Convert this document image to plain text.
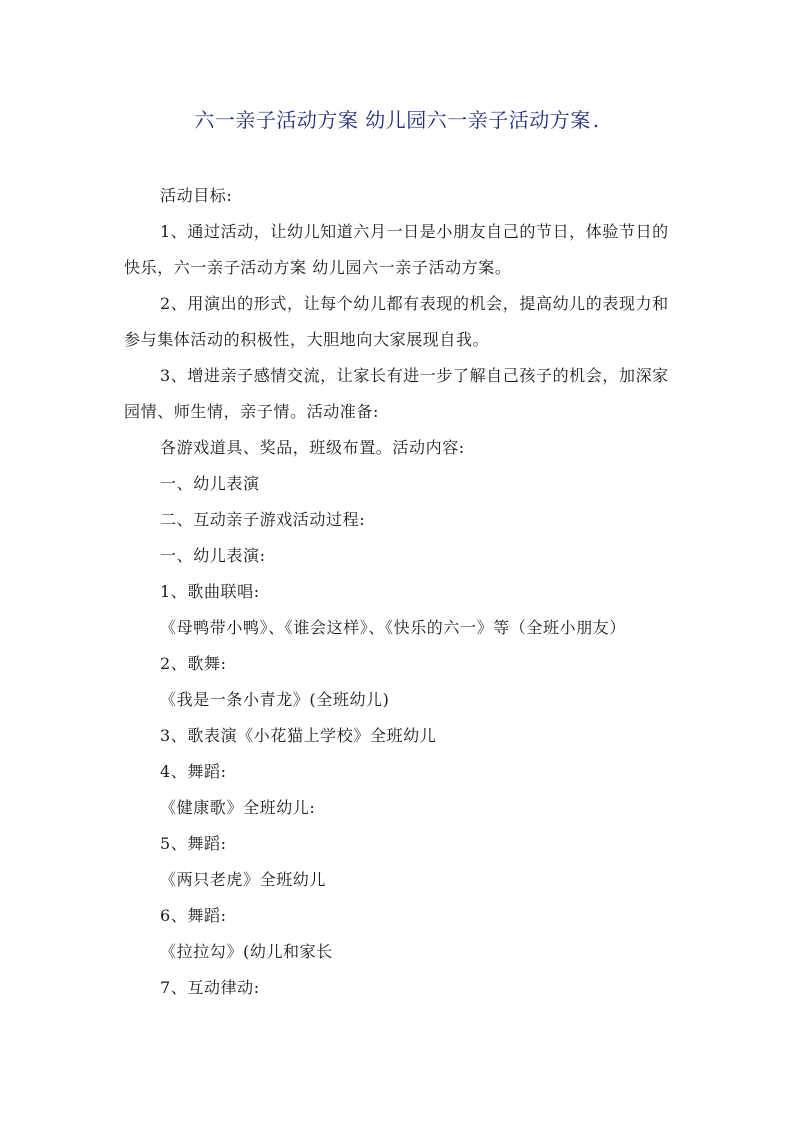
六一亲子活动方案 幼儿园六一亲子活动方案 .

活动目标:

1、通过活动，让幼儿知道六月一日是小朋友自己的节日，体验节日的快乐，六一亲子活动方案 幼儿园六一亲子活动方案。

2、用演出的形式，让每个幼儿都有表现的机会，提高幼儿的表现力和参与集体活动的积极性，大胆地向大家展现自我。

3、增进亲子感情交流，让家长有进一步了解自己孩子的机会，加深家园情、师生情，亲子情。活动准备:

各游戏道具、奖品，班级布置。活动内容:

一、幼儿表演

二、互动亲子游戏活动过程:

一、幼儿表演:

1、歌曲联唱:

《母鸭带小鸭》、《谁会这样》、《快乐的六一》等（全班小朋友）

2、歌舞:

《我是一条小青龙》(全班幼儿)

3、歌表演《小花猫上学校》全班幼儿

4、舞蹈:

《健康歌》全班幼儿:

5、舞蹈:

《两只老虎》全班幼儿

6、舞蹈:

《拉拉勾》(幼儿和家长

7、互动律动:
